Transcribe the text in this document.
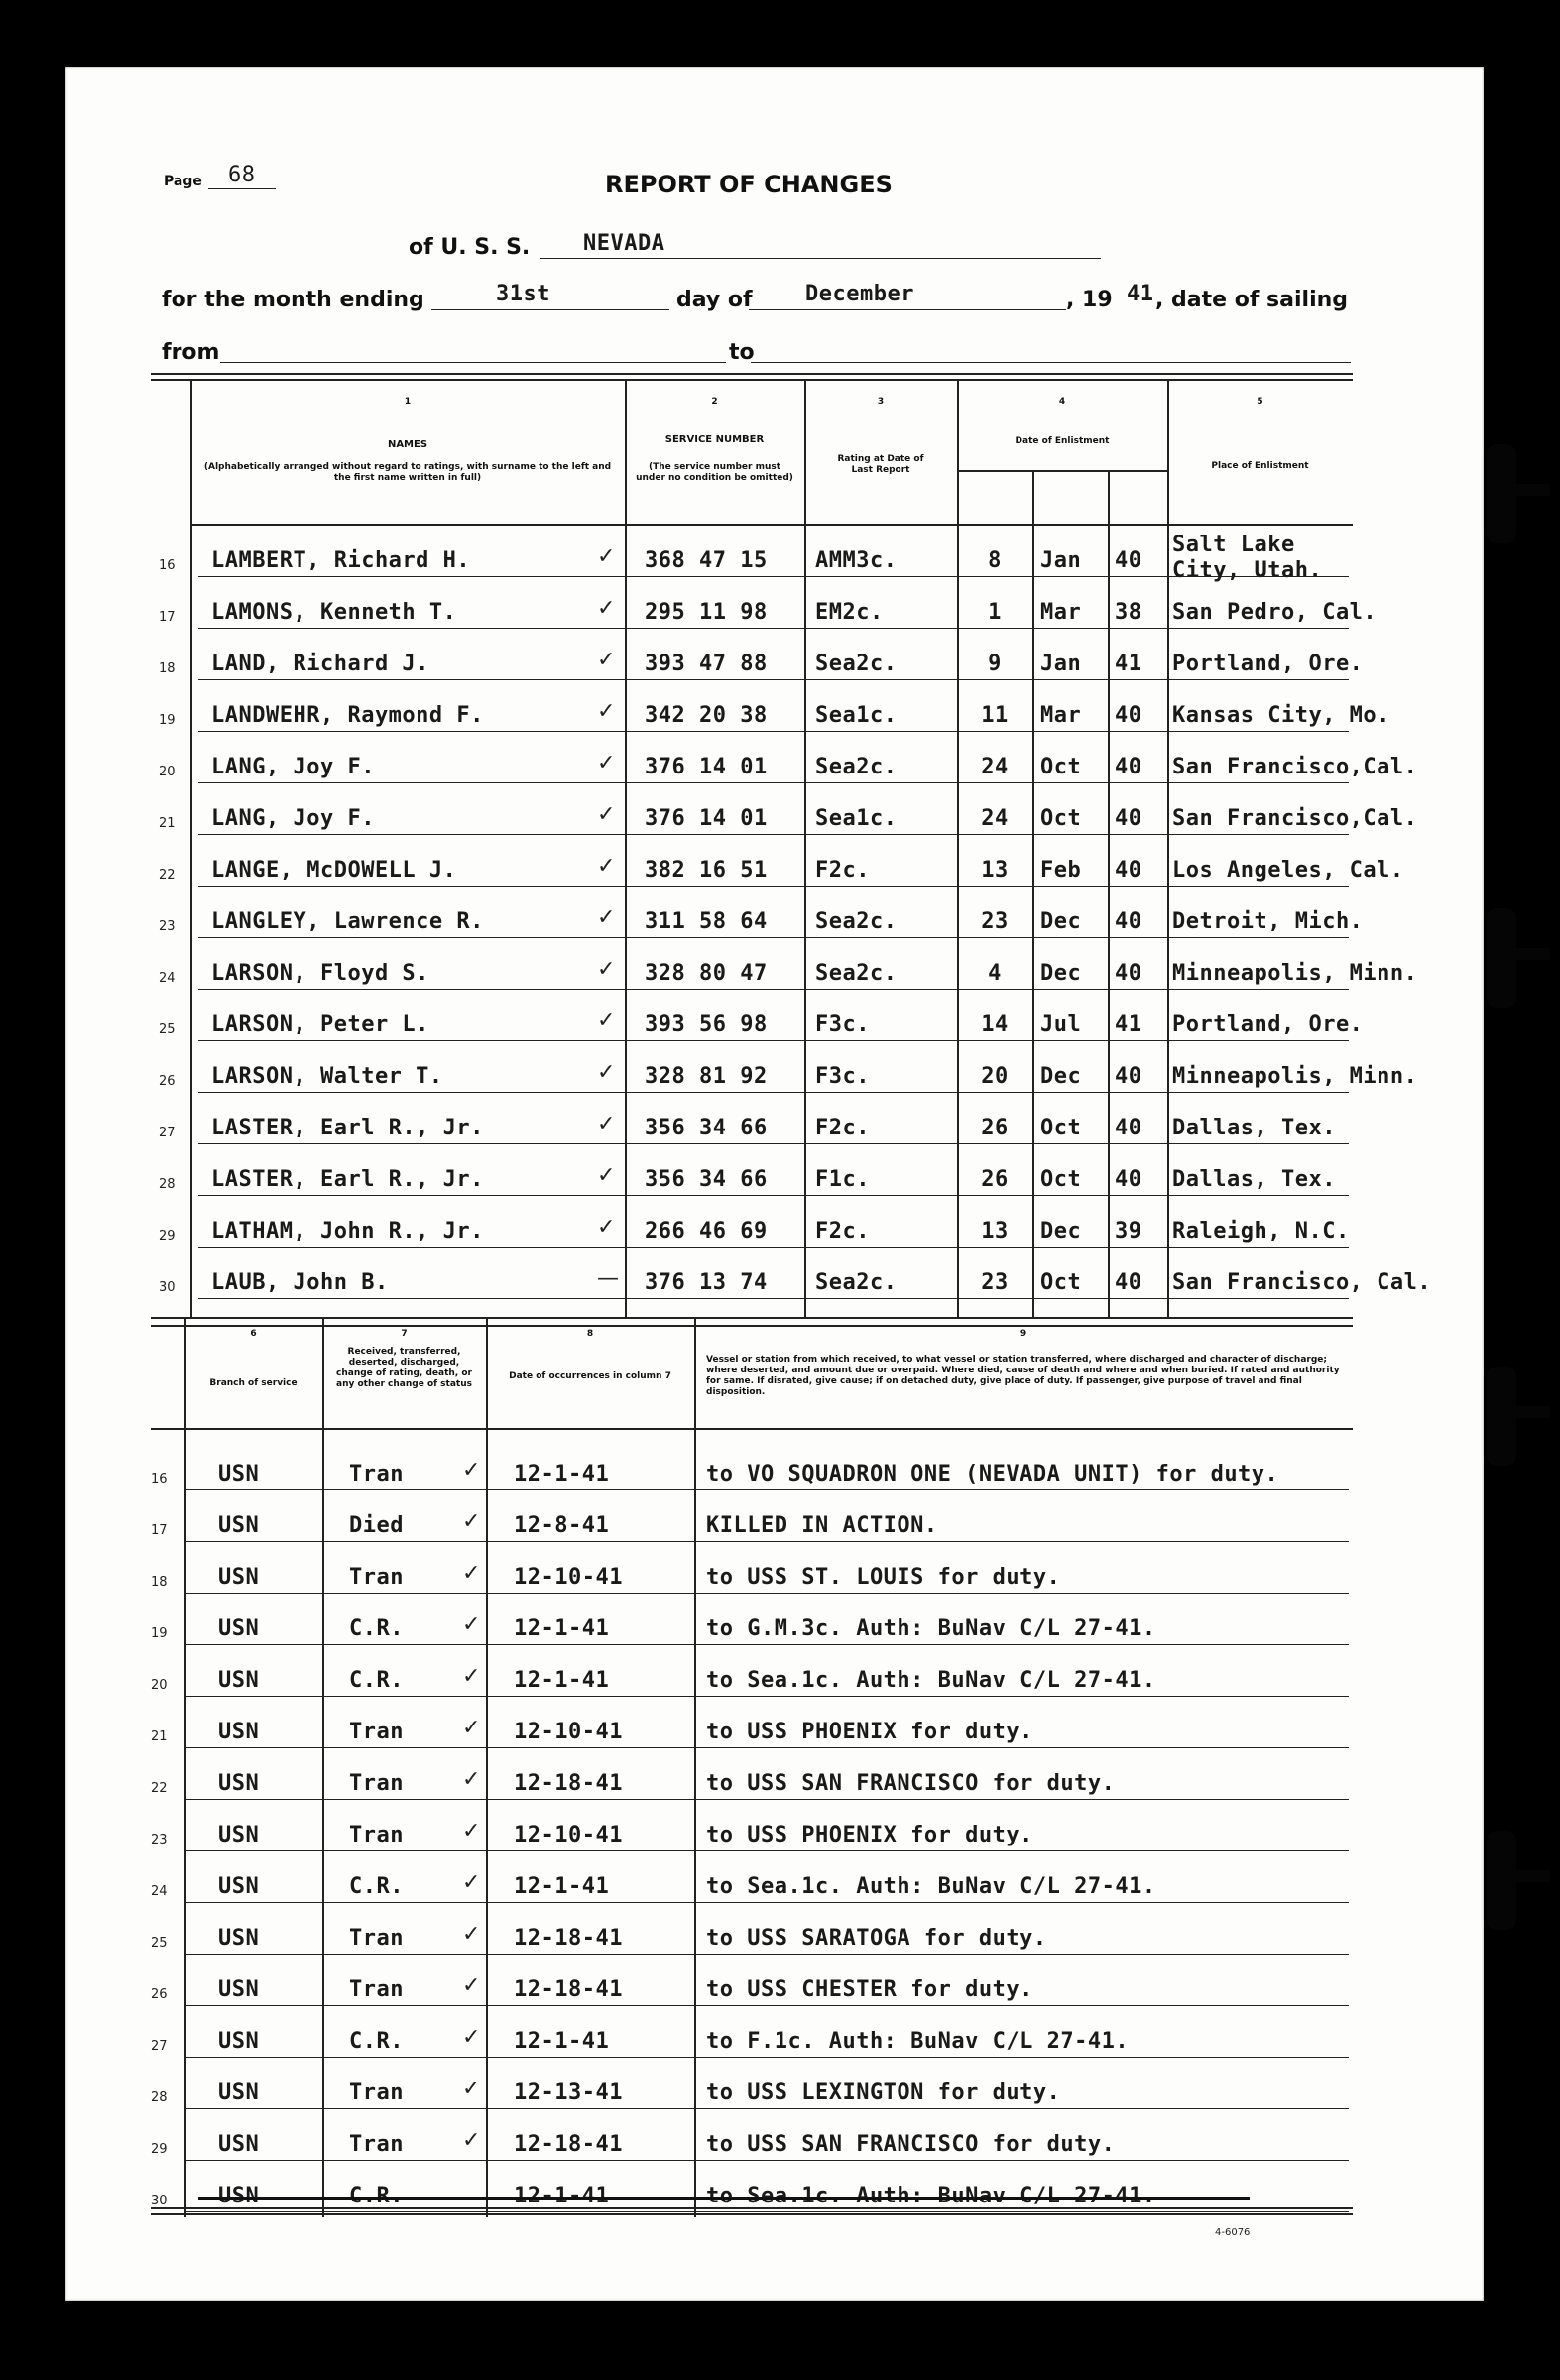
Page 68	REPORT OF CHANGES
of U. S. S. NEVADA
for the month ending	31st	day of December	, 19 41 , date of sailing
from	to
1
NAMES
(Alphabetically arranged without regard to ratings, with surname to the left and the first name written in full)
2
SERVICE NUMBER
(The service number must under no condition be omitted)
3
Rating at Date of Last Report
4
Date of Enlistment
5
Place of Enlistment
16 LAMBERT, Richard H.	✓ 368 47 15 AMM3c.	8	Jan 40
Salt Lake
City, Utah.
17 LAMONS, Kenneth T.	✓ 295 11 98 EM2c.	1	Mar 38 San Pedro, Cal.
18 LAND, Richard J.	✓ 393 47 88 Sea2c.	9	Jan 41 Portland, Ore.
19 LANDWEHR, Raymond F.	✓ 342 20 38 Sea1c.	11	Mar 40 Kansas City, Mo.
20 LANG, Joy F.	✓ 376 14 01 Sea2c.	24	Oct 40 San Francisco,Cal.
21 LANG, Joy F.	✓ 376 14 01 Sea1c.	24	Oct 40 San Francisco,Cal.
22 LANGE, McDOWELL J.	✓ 382 16 51 F2c.	13	Feb 40 Los Angeles, Cal.
23 LANGLEY, Lawrence R.	✓ 311 58 64 Sea2c.	23	Dec 40 Detroit, Mich.
24 LARSON, Floyd S.	✓ 328 80 47 Sea2c.	4	Dec 40 Minneapolis, Minn.
25 LARSON, Peter L.	✓ 393 56 98 F3c.	14	Jul 41 Portland, Ore.
26 LARSON, Walter T.	✓ 328 81 92 F3c.	20	Dec 40 Minneapolis, Minn.
27 LASTER, Earl R., Jr.	✓ 356 34 66 F2c.	26	Oct 40 Dallas, Tex.
28 LASTER, Earl R., Jr.	✓ 356 34 66 F1c.	26	Oct 40 Dallas, Tex.
29 LATHAM, John R., Jr.	✓ 266 46 69 F2c.	13	Dec 39 Raleigh, N.C.
30 LAUB, John B.	— 376 13 74 Sea2c.	23	Oct 40 San Francisco, Cal.
6
Branch of service
7
Received, transferred, deserted, discharged, change of rating, death, or any other change of status
8
Date of occurrences in column 7
9
Vessel or station from which received, to what vessel or station transferred, where discharged and character of discharge; where deserted, and amount due or overpaid. Where died, cause of death and where and when buried. If rated and authority for same. If disrated, give cause; if on detached duty, give place of duty. If passenger, give purpose of travel and final disposition.
16 USN	Tran	✓ 12-1-41	to VO SQUADRON ONE (NEVADA UNIT) for duty.
17 USN	Died	✓ 12-8-41	KILLED IN ACTION.
18 USN	Tran	✓ 12-10-41	to USS ST. LOUIS for duty.
19 USN	C.R.	✓ 12-1-41	to G.M.3c. Auth: BuNav C/L 27-41.
20 USN	C.R.	✓ 12-1-41	to Sea.1c. Auth: BuNav C/L 27-41.
21 USN	Tran	✓ 12-10-41	to USS PHOENIX for duty.
22 USN	Tran	✓ 12-18-41	to USS SAN FRANCISCO for duty.
23 USN	Tran	✓ 12-10-41	to USS PHOENIX for duty.
24 USN	C.R.	✓ 12-1-41	to Sea.1c. Auth: BuNav C/L 27-41.
25 USN	Tran	✓ 12-18-41	to USS SARATOGA for duty.
26 USN	Tran	✓ 12-18-41	to USS CHESTER for duty.
27 USN	C.R.	✓ 12-1-41	to F.1c. Auth: BuNav C/L 27-41.
28 USN	Tran	✓ 12-13-41	to USS LEXINGTON for duty.
29 USN	Tran	✓ 12-18-41	to USS SAN FRANCISCO for duty.
30 USN	C.R.	12-1-41	to Sea.1c. Auth: BuNav C/L 27-41.
4-6076
